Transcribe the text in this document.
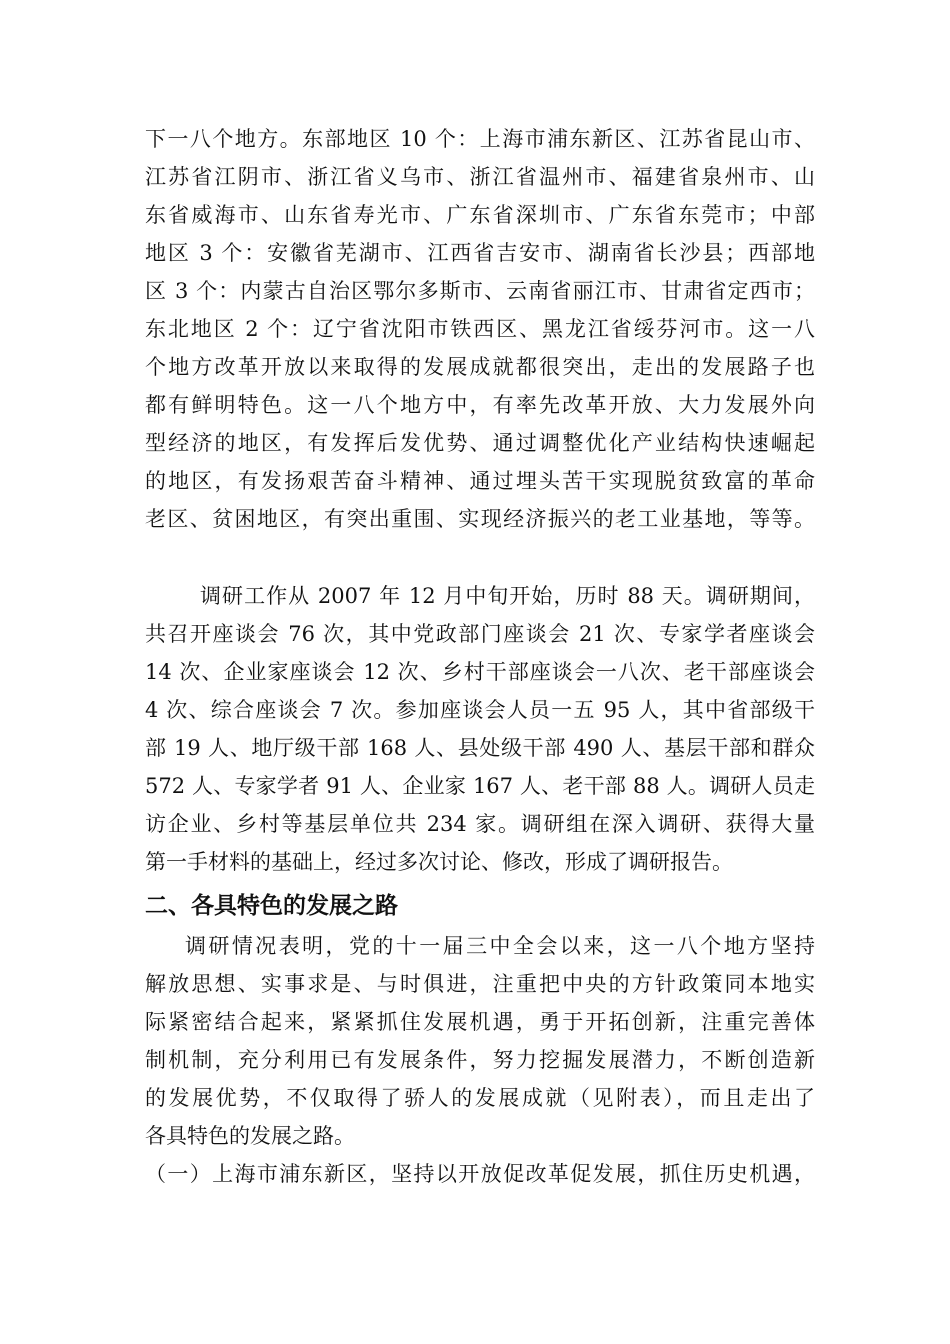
下一八个地方。东部地区 10 个：上海市浦东新区、江苏省昆山市、
江苏省江阴市、浙江省义乌市、浙江省温州市、福建省泉州市、山
东省威海市、山东省寿光市、广东省深圳市、广东省东莞市；中部
地区 3 个：安徽省芜湖市、江西省吉安市、湖南省长沙县；西部地
区 3 个：内蒙古自治区鄂尔多斯市、云南省丽江市、甘肃省定西市；
东北地区 2 个：辽宁省沈阳市铁西区、黑龙江省绥芬河市。这一八
个地方改革开放以来取得的发展成就都很突出，走出的发展路子也
都有鲜明特色。这一八个地方中，有率先改革开放、大力发展外向
型经济的地区，有发挥后发优势、通过调整优化产业结构快速崛起
的地区，有发扬艰苦奋斗精神、通过埋头苦干实现脱贫致富的革命
老区、贫困地区，有突出重围、实现经济振兴的老工业基地，等等。
调研工作从 2007 年 12 月中旬开始，历时 88 天。调研期间，
共召开座谈会 76 次，其中党政部门座谈会 21 次、专家学者座谈会
14 次、企业家座谈会 12 次、乡村干部座谈会一八次、老干部座谈会
4 次、综合座谈会 7 次。参加座谈会人员一五 95 人，其中省部级干
部 19 人、地厅级干部 168 人、县处级干部 490 人、基层干部和群众
572 人、专家学者 91 人、企业家 167 人、老干部 88 人。调研人员走
访企业、乡村等基层单位共 234 家。调研组在深入调研、获得大量
第一手材料的基础上，经过多次讨论、修改，形成了调研报告。
二、各具特色的发展之路
调研情况表明，党的十一届三中全会以来，这一八个地方坚持
解放思想、实事求是、与时俱进，注重把中央的方针政策同本地实
际紧密结合起来，紧紧抓住发展机遇，勇于开拓创新，注重完善体
制机制，充分利用已有发展条件，努力挖掘发展潜力，不断创造新
的发展优势，不仅取得了骄人的发展成就（见附表），而且走出了
各具特色的发展之路。
（一）上海市浦东新区，坚持以开放促改革促发展，抓住历史机遇，
